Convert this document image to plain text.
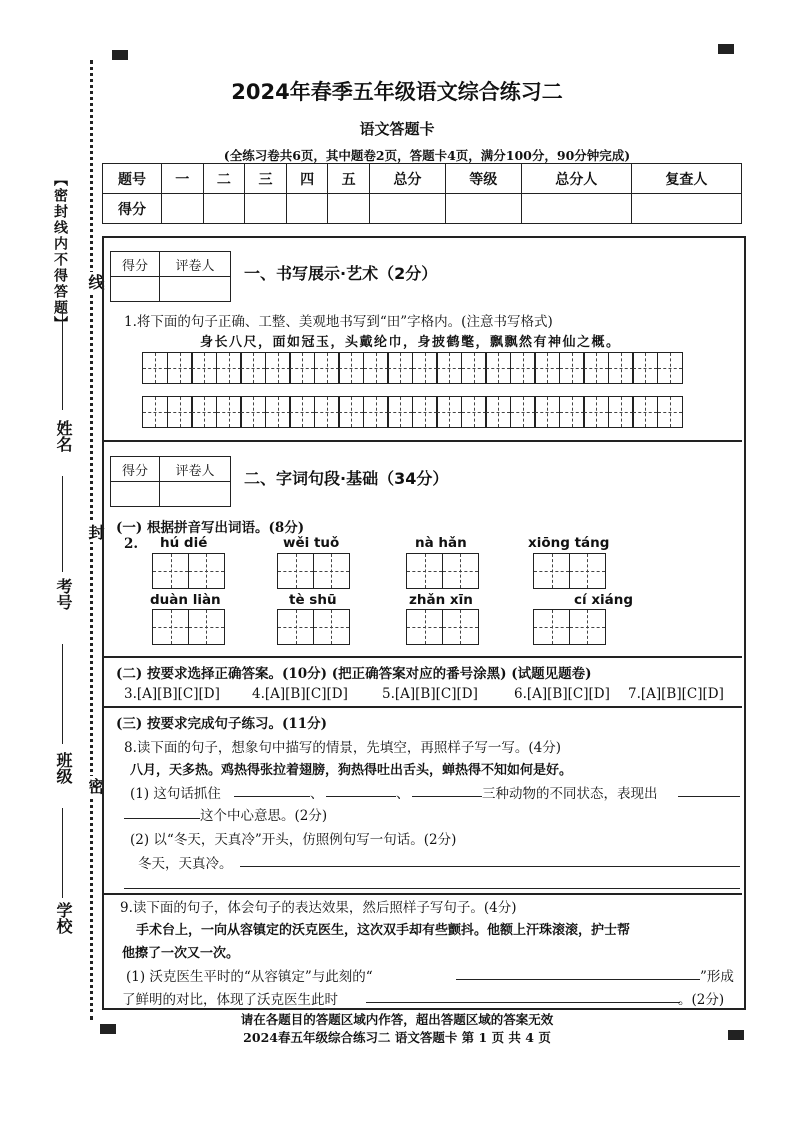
【密封线内不得答题】 线
封
密
姓名
考号
班级
学校
2024年春季五年级语文综合练习二
语文答题卡
(全练习卷共6页，其中题卷2页，答题卡4页，满分100分，90分钟完成)
题号	一	二	三	四	五	总分	等级	总分人	复查人
得分									
得分	评卷人
	一、书写展示·艺术（2分）
1.将下面的句子正确、工整、美观地书写到“田”字格内。(注意书写格式)
身长八尺，面如冠玉，头戴纶巾，身披鹤氅，飘飘然有神仙之概。
得分	评卷人
	二、字词句段·基础（34分）
(一) 根据拼音写出词语。(8分)
2. hú dié	wěi tuǒ	nà hǎn	xiōng táng
duàn liàn	tè shū	zhǎn xīn	cí xiáng
(二) 按要求选择正确答案。(10分) (把正确答案对应的番号涂黑) (试题见题卷)
3.[A][B][C][D] 4.[A][B][C][D]	5.[A][B][C][D]	6.[A][B][C][D] 7.[A][B][C][D]
(三) 按要求完成句子练习。(11分)
8.读下面的句子，想象句中描写的情景，先填空，再照样子写一写。(4分)
八月，天多热。鸡热得张拉着翅膀，狗热得吐出舌头，蝉热得不知如何是好。
(1) 这句话抓住	、	、	三种动物的不同状态，表现出
这个中心意思。(2分)
(2) 以“冬天，天真冷”开头，仿照例句写一句话。(2分)
冬天，天真冷。
9.读下面的句子，体会句子的表达效果，然后照样子写句子。(4分)
手术台上，一向从容镇定的沃克医生，这次双手却有些颤抖。他额上汗珠滚滚，护士帮
他擦了一次又一次。
(1) 沃克医生平时的“从容镇定”与此刻的“	”形成
了鲜明的对比，体现了沃克医生此时	。(2分)
请在各题目的答题区域内作答，超出答题区域的答案无效
2024春五年级综合练习二 语文答题卡 第 1 页 共 4 页
